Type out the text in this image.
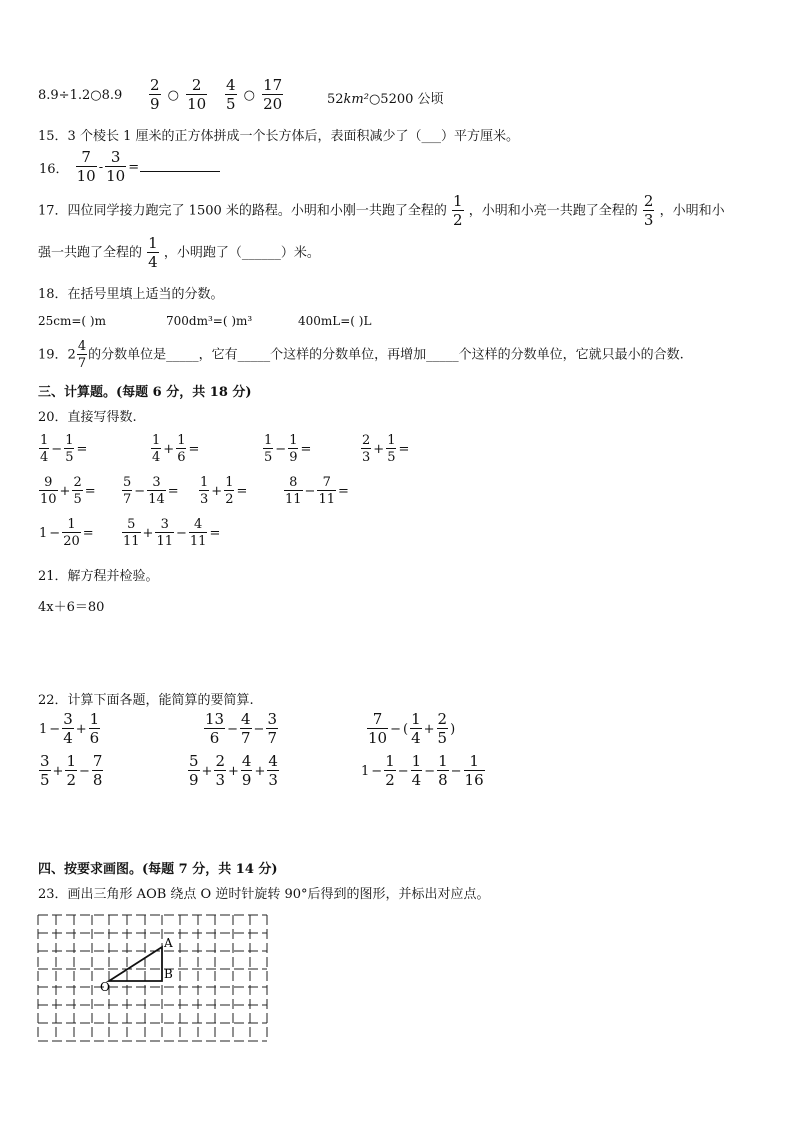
8.9÷1.2○8.9 $\frac{2}{9}$ ○ $\frac{2}{10} \frac{4}{5}$ ○ $\frac{17}{20}$	52km²○5200 公顷
15．3 个棱长 1 厘米的正方体拼成一个长方体后，表面积减少了（___）平方厘米。
16． $\frac{7}{10} - \frac{3}{10}$ =
17．四位同学接力跑完了 1500 米的路程。小明和小刚一共跑了全程的 $\frac{1}{2}$ ，小明和小亮一共跑了全程的 $\frac{2}{3}$ ，小明和小
强一共跑了全程的 $\frac{1}{4}$ ，小明跑了（______）米。
18．在括号里填上适当的分数。
25cm=( )m	700dm³=( )m³	400mL=( )L
19．$2 \frac{4}{7}$ 的分数单位是_____，它有_____个这样的分数单位，再增加_____个这样的分数单位，它就只最小的合数.
三、计算题。(每题 6 分，共 18 分)
20．直接写得数.
$\frac{1}{4} - \frac{1}{5}$ =	$\frac{1}{4} + \frac{1}{6}$ =	$\frac{1}{5} - \frac{1}{9}$ =	$\frac{2}{3} + \frac{1}{5}$ =
$\frac{9}{10} + \frac{2}{5} = \frac{5}{7} - \frac{3}{14} = \frac{1}{3} + \frac{1}{2}$ =	$\frac{8}{11} - \frac{7}{11}$ =
$1 - \frac{1}{20} = \frac{5}{11} + \frac{3}{11} - \frac{4}{11}$ =
21．解方程并检验。
4x＋6＝80
22．计算下面各题，能简算的要简算.
$1 - \frac{3}{4} + \frac{1}{6}$	$\frac{13}{6} - \frac{4}{7} - \frac{3}{7}$	$\frac{7}{10}$ − ( $\frac{1}{4} + \frac{2}{5}$ )
$\frac{3}{5} + \frac{1}{2} - \frac{7}{8}$	$\frac{5}{9} + \frac{2}{3} + \frac{4}{9} + \frac{4}{3}$	$1 - \frac{1}{2} - \frac{1}{4} - \frac{1}{8} - \frac{1}{16}$
四、按要求画图。(每题 7 分，共 14 分)
23．画出三角形 AOB 绕点 O 逆时针旋转 90°后得到的图形，并标出对应点。
A
B
O
